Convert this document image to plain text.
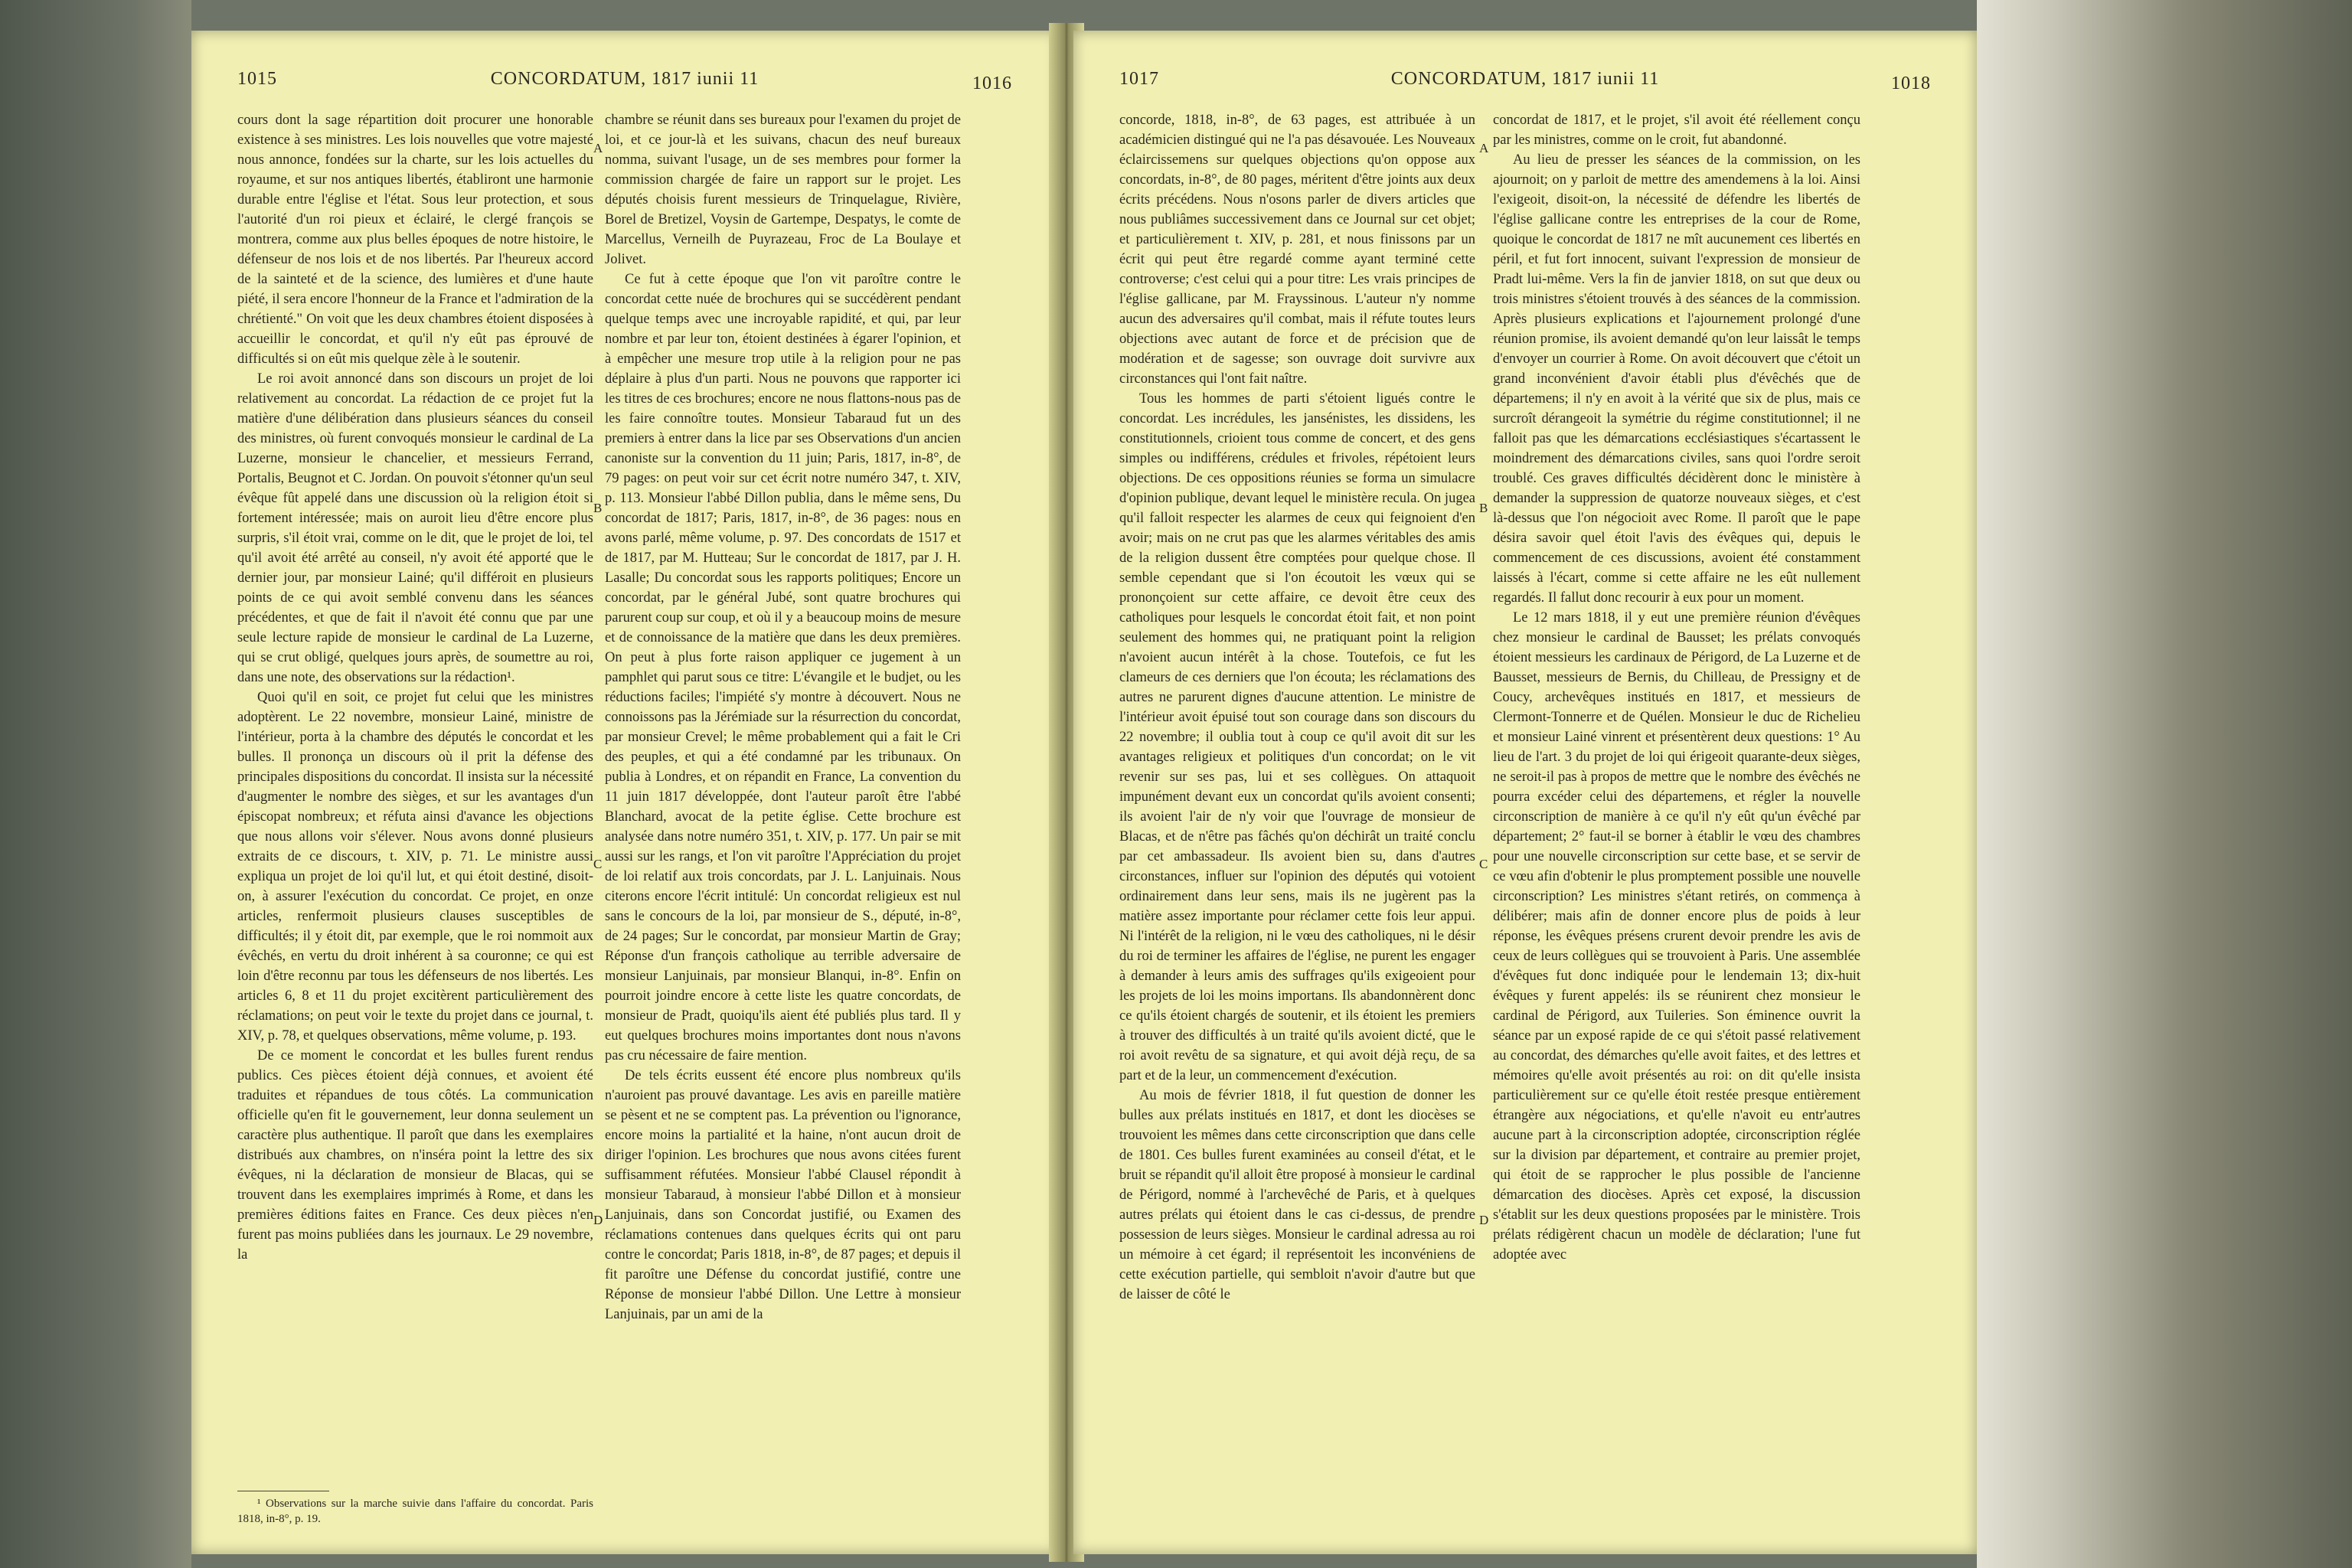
1015	CONCORDATUM, 1817 iunii 11	1016

cours dont la sage répartition doit procurer une honorable existence à ses ministres. Les lois nouvelles que votre majesté nous annonce, fondées sur la charte, sur les lois actuelles du royaume, et sur nos antiques libertés, établiront une harmonie durable entre l'église et l'état. Sous leur protection, et sous l'autorité d'un roi pieux et éclairé, le clergé françois se montrera, comme aux plus belles époques de notre histoire, le défenseur de nos lois et de nos libertés. Par l'heureux accord de la sainteté et de la science, des lumières et d'une haute piété, il sera encore l'honneur de la France et l'admiration de la chrétienté." On voit que les deux chambres étoient disposées à accueillir le concordat, et qu'il n'y eût pas éprouvé de difficultés si on eût mis quelque zèle à le soutenir.

Le roi avoit annoncé dans son discours un projet de loi relativement au concordat. La rédaction de ce projet fut la matière d'une délibération dans plusieurs séances du conseil des ministres, où furent convoqués monsieur le cardinal de La Luzerne, monsieur le chancelier, et messieurs Ferrand, Portalis, Beugnot et C. Jordan. On pouvoit s'étonner qu'un seul évêque fût appelé dans une discussion où la religion étoit si fortement intéressée; mais on auroit lieu d'être encore plus surpris, s'il étoit vrai, comme on le dit, que le projet de loi, tel qu'il avoit été arrêté au conseil, n'y avoit été apporté que le dernier jour, par monsieur Lainé; qu'il différoit en plusieurs points de ce qui avoit semblé convenu dans les séances précédentes, et que de fait il n'avoit été connu que par une seule lecture rapide de monsieur le cardinal de La Luzerne, qui se crut obligé, quelques jours après, de soumettre au roi, dans une note, des observations sur la rédaction¹.

Quoi qu'il en soit, ce projet fut celui que les ministres adoptèrent. Le 22 novembre, monsieur Lainé, ministre de l'intérieur, porta à la chambre des députés le concordat et les bulles. Il prononça un discours où il prit la défense des principales dispositions du concordat. Il insista sur la nécessité d'augmenter le nombre des sièges, et sur les avantages d'un épiscopat nombreux; et réfuta ainsi d'avance les objections que nous allons voir s'élever. Nous avons donné plusieurs extraits de ce discours, t. XIV, p. 71. Le ministre aussi expliqua un projet de loi qu'il lut, et qui étoit destiné, disoit-on, à assurer l'exécution du concordat. Ce projet, en onze articles, renfermoit plusieurs clauses susceptibles de difficultés; il y étoit dit, par exemple, que le roi nommoit aux évêchés, en vertu du droit inhérent à sa couronne; ce qui est loin d'être reconnu par tous les défenseurs de nos libertés. Les articles 6, 8 et 11 du projet excitèrent particulièrement des réclamations; on peut voir le texte du projet dans ce journal, t. XIV, p. 78, et quelques observations, même volume, p. 193.

De ce moment le concordat et les bulles furent rendus publics. Ces pièces étoient déjà connues, et avoient été traduites et répandues de tous côtés. La communication officielle qu'en fit le gouvernement, leur donna seulement un caractère plus authentique. Il paroît que dans les exemplaires distribués aux chambres, on n'inséra point la lettre des six évêques, ni la déclaration de monsieur de Blacas, qui se trouvent dans les exemplaires imprimés à Rome, et dans les premières éditions faites en France. Ces deux pièces n'en furent pas moins publiées dans les journaux. Le 29 novembre, la

¹ Observations sur la marche suivie dans l'affaire du concordat. Paris 1818, in-8°, p. 19.

A
B
C
D

chambre se réunit dans ses bureaux pour l'examen du projet de loi, et ce jour-là et les suivans, chacun des neuf bureaux nomma, suivant l'usage, un de ses membres pour former la commission chargée de faire un rapport sur le projet. Les députés choisis furent messieurs de Trinquelague, Rivière, Borel de Bretizel, Voysin de Gartempe, Despatys, le comte de Marcellus, Verneilh de Puyrazeau, Froc de La Boulaye et Jolivet.

Ce fut à cette époque que l'on vit paroître contre le concordat cette nuée de brochures qui se succédèrent pendant quelque temps avec une incroyable rapidité, et qui, par leur nombre et par leur ton, étoient destinées à égarer l'opinion, et à empêcher une mesure trop utile à la religion pour ne pas déplaire à plus d'un parti. Nous ne pouvons que rapporter ici les titres de ces brochures; encore ne nous flattons-nous pas de les faire connoître toutes. Monsieur Tabaraud fut un des premiers à entrer dans la lice par ses Observations d'un ancien canoniste sur la convention du 11 juin; Paris, 1817, in-8°, de 79 pages: on peut voir sur cet écrit notre numéro 347, t. XIV, p. 113. Monsieur l'abbé Dillon publia, dans le même sens, Du concordat de 1817; Paris, 1817, in-8°, de 36 pages: nous en avons parlé, même volume, p. 97. Des concordats de 1517 et de 1817, par M. Hutteau; Sur le concordat de 1817, par J. H. Lasalle; Du concordat sous les rapports politiques; Encore un concordat, par le général Jubé, sont quatre brochures qui parurent coup sur coup, et où il y a beaucoup moins de mesure et de connoissance de la matière que dans les deux premières. On peut à plus forte raison appliquer ce jugement à un pamphlet qui parut sous ce titre: L'évangile et le budjet, ou les réductions faciles; l'impiété s'y montre à découvert. Nous ne connoissons pas la Jérémiade sur la résurrection du concordat, par monsieur Crevel; le même probablement qui a fait le Cri des peuples, et qui a été condamné par les tribunaux. On publia à Londres, et on répandit en France, La convention du 11 juin 1817 développée, dont l'auteur paroît être l'abbé Blanchard, avocat de la petite église. Cette brochure est analysée dans notre numéro 351, t. XIV, p. 177. Un pair se mit aussi sur les rangs, et l'on vit paroître l'Appréciation du projet de loi relatif aux trois concordats, par J. L. Lanjuinais. Nous citerons encore l'écrit intitulé: Un concordat religieux est nul sans le concours de la loi, par monsieur de S., député, in-8°, de 24 pages; Sur le concordat, par monsieur Martin de Gray; Réponse d'un françois catholique au terrible adversaire de monsieur Lanjuinais, par monsieur Blanqui, in-8°. Enfin on pourroit joindre encore à cette liste les quatre concordats, de monsieur de Pradt, quoiqu'ils aient été publiés plus tard. Il y eut quelques brochures moins importantes dont nous n'avons pas cru nécessaire de faire mention.

De tels écrits eussent été encore plus nombreux qu'ils n'auroient pas prouvé davantage. Les avis en pareille matière se pèsent et ne se comptent pas. La prévention ou l'ignorance, encore moins la partialité et la haine, n'ont aucun droit de diriger l'opinion. Les brochures que nous avons citées furent suffisamment réfutées. Monsieur l'abbé Clausel répondit à monsieur Tabaraud, à monsieur l'abbé Dillon et à monsieur Lanjuinais, dans son Concordat justifié, ou Examen des réclamations contenues dans quelques écrits qui ont paru contre le concordat; Paris 1818, in-8°, de 87 pages; et depuis il fit paroître une Défense du concordat justifié, contre une Réponse de monsieur l'abbé Dillon. Une Lettre à monsieur Lanjuinais, par un ami de la

1017	CONCORDATUM, 1817 iunii 11	1018

concorde, 1818, in-8°, de 63 pages, est attribuée à un académicien distingué qui ne l'a pas désavouée. Les Nouveaux éclaircissemens sur quelques objections qu'on oppose aux concordats, in-8°, de 80 pages, méritent d'être joints aux deux écrits précédens. Nous n'osons parler de divers articles que nous publiâmes successivement dans ce Journal sur cet objet; et particulièrement t. XIV, p. 281, et nous finissons par un écrit qui peut être regardé comme ayant terminé cette controverse; c'est celui qui a pour titre: Les vrais principes de l'église gallicane, par M. Frayssinous. L'auteur n'y nomme aucun des adversaires qu'il combat, mais il réfute toutes leurs objections avec autant de force et de précision que de modération et de sagesse; son ouvrage doit survivre aux circonstances qui l'ont fait naître.

Tous les hommes de parti s'étoient ligués contre le concordat. Les incrédules, les jansénistes, les dissidens, les constitutionnels, crioient tous comme de concert, et des gens simples ou indifférens, crédules et frivoles, répétoient leurs objections. De ces oppositions réunies se forma un simulacre d'opinion publique, devant lequel le ministère recula. On jugea qu'il falloit respecter les alarmes de ceux qui feignoient d'en avoir; mais on ne crut pas que les alarmes véritables des amis de la religion dussent être comptées pour quelque chose. Il semble cependant que si l'on écoutoit les vœux qui se prononçoient sur cette affaire, ce devoit être ceux des catholiques pour lesquels le concordat étoit fait, et non point seulement des hommes qui, ne pratiquant point la religion n'avoient aucun intérêt à la chose. Toutefois, ce fut les clameurs de ces derniers que l'on écouta; les réclamations des autres ne parurent dignes d'aucune attention. Le ministre de l'intérieur avoit épuisé tout son courage dans son discours du 22 novembre; il oublia tout à coup ce qu'il avoit dit sur les avantages religieux et politiques d'un concordat; on le vit revenir sur ses pas, lui et ses collègues. On attaquoit impunément devant eux un concordat qu'ils avoient consenti; ils avoient l'air de n'y voir que l'ouvrage de monsieur de Blacas, et de n'être pas fâchés qu'on déchirât un traité conclu par cet ambassadeur. Ils avoient bien su, dans d'autres circonstances, influer sur l'opinion des députés qui votoient ordinairement dans leur sens, mais ils ne jugèrent pas la matière assez importante pour réclamer cette fois leur appui. Ni l'intérêt de la religion, ni le vœu des catholiques, ni le désir du roi de terminer les affaires de l'église, ne purent les engager à demander à leurs amis des suffrages qu'ils exigeoient pour les projets de loi les moins importans. Ils abandonnèrent donc ce qu'ils étoient chargés de soutenir, et ils étoient les premiers à trouver des difficultés à un traité qu'ils avoient dicté, que le roi avoit revêtu de sa signature, et qui avoit déjà reçu, de sa part et de la leur, un commencement d'exécution.

Au mois de février 1818, il fut question de donner les bulles aux prélats institués en 1817, et dont les diocèses se trouvoient les mêmes dans cette circonscription que dans celle de 1801. Ces bulles furent examinées au conseil d'état, et le bruit se répandit qu'il alloit être proposé à monsieur le cardinal de Périgord, nommé à l'archevêché de Paris, et à quelques autres prélats qui étoient dans le cas ci-dessus, de prendre possession de leurs sièges. Monsieur le cardinal adressa au roi un mémoire à cet égard; il représentoit les inconvéniens de cette exécution partielle, qui sembloit n'avoir d'autre but que de laisser de côté le

A
B
C
D

concordat de 1817, et le projet, s'il avoit été réellement conçu par les ministres, comme on le croit, fut abandonné.

Au lieu de presser les séances de la commission, on les ajournoit; on y parloit de mettre des amendemens à la loi. Ainsi l'exigeoit, disoit-on, la nécessité de défendre les libertés de l'église gallicane contre les entreprises de la cour de Rome, quoique le concordat de 1817 ne mît aucunement ces libertés en péril, et fut fort innocent, suivant l'expression de monsieur de Pradt lui-même. Vers la fin de janvier 1818, on sut que deux ou trois ministres s'étoient trouvés à des séances de la commission. Après plusieurs explications et l'ajournement prolongé d'une réunion promise, ils avoient demandé qu'on leur laissât le temps d'envoyer un courrier à Rome. On avoit découvert que c'étoit un grand inconvénient d'avoir établi plus d'évêchés que de départemens; il n'y en avoit à la vérité que six de plus, mais ce surcroît dérangeoit la symétrie du régime constitutionnel; il ne falloit pas que les démarcations ecclésiastiques s'écartassent le moindrement des démarcations civiles, sans quoi l'ordre seroit troublé. Ces graves difficultés décidèrent donc le ministère à demander la suppression de quatorze nouveaux sièges, et c'est là-dessus que l'on négocioit avec Rome. Il paroît que le pape désira savoir quel étoit l'avis des évêques qui, depuis le commencement de ces discussions, avoient été constamment laissés à l'écart, comme si cette affaire ne les eût nullement regardés. Il fallut donc recourir à eux pour un moment.

Le 12 mars 1818, il y eut une première réunion d'évêques chez monsieur le cardinal de Bausset; les prélats convoqués étoient messieurs les cardinaux de Périgord, de La Luzerne et de Bausset, messieurs de Bernis, du Chilleau, de Pressigny et de Coucy, archevêques institués en 1817, et messieurs de Clermont-Tonnerre et de Quélen. Monsieur le duc de Richelieu et monsieur Lainé vinrent et présentèrent deux questions: 1° Au lieu de l'art. 3 du projet de loi qui érigeoit quarante-deux sièges, ne seroit-il pas à propos de mettre que le nombre des évêchés ne pourra excéder celui des départemens, et régler la nouvelle circonscription de manière à ce qu'il n'y eût qu'un évêché par département; 2° faut-il se borner à établir le vœu des chambres pour une nouvelle circonscription sur cette base, et se servir de ce vœu afin d'obtenir le plus promptement possible une nouvelle circonscription? Les ministres s'étant retirés, on commença à délibérer; mais afin de donner encore plus de poids à leur réponse, les évêques présens crurent devoir prendre les avis de ceux de leurs collègues qui se trouvoient à Paris. Une assemblée d'évêques fut donc indiquée pour le lendemain 13; dix-huit évêques y furent appelés: ils se réunirent chez monsieur le cardinal de Périgord, aux Tuileries. Son éminence ouvrit la séance par un exposé rapide de ce qui s'étoit passé relativement au concordat, des démarches qu'elle avoit faites, et des lettres et mémoires qu'elle avoit présentés au roi: on dit qu'elle insista particulièrement sur ce qu'elle étoit restée presque entièrement étrangère aux négociations, et qu'elle n'avoit eu entr'autres aucune part à la circonscription adoptée, circonscription réglée sur la division par département, et contraire au premier projet, qui étoit de se rapprocher le plus possible de l'ancienne démarcation des diocèses. Après cet exposé, la discussion s'établit sur les deux questions proposées par le ministère. Trois prélats rédigèrent chacun un modèle de déclaration; l'une fut adoptée avec
